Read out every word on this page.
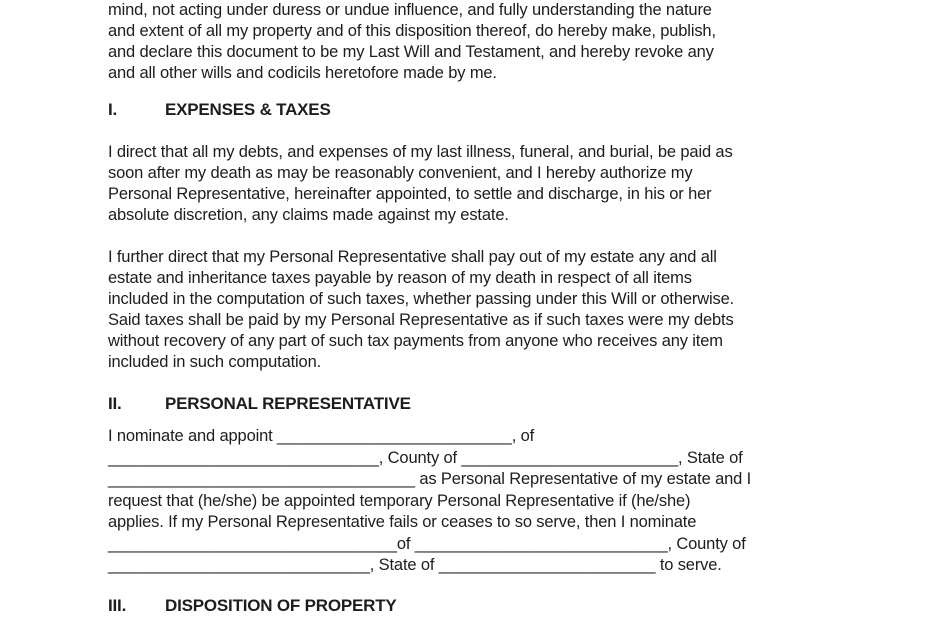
mind, not acting under duress or undue influence, and fully understanding the nature
and extent of all my property and of this disposition thereof, do hereby make, publish,
and declare this document to be my Last Will and Testament, and hereby revoke any
and all other wills and codicils heretofore made by me.
I.	EXPENSES & TAXES
I direct that all my debts, and expenses of my last illness, funeral, and burial, be paid as
soon after my death as may be reasonably convenient, and I hereby authorize my
Personal Representative, hereinafter appointed, to settle and discharge, in his or her
absolute discretion, any claims made against my estate.
I further direct that my Personal Representative shall pay out of my estate any and all
estate and inheritance taxes payable by reason of my death in respect of all items
included in the computation of such taxes, whether passing under this Will or otherwise.
Said taxes shall be paid by my Personal Representative as if such taxes were my debts
without recovery of any part of such tax payments from anyone who receives any item
included in such computation.
II.	PERSONAL REPRESENTATIVE
I nominate and appoint __________________________, of
______________________________, County of ________________________, State of
__________________________________ as Personal Representative of my estate and I
request that (he/she) be appointed temporary Personal Representative if (he/she)
applies. If my Personal Representative fails or ceases to so serve, then I nominate
________________________________of ____________________________, County of
_____________________________, State of ________________________ to serve.
III. DISPOSITION OF PROPERTY
